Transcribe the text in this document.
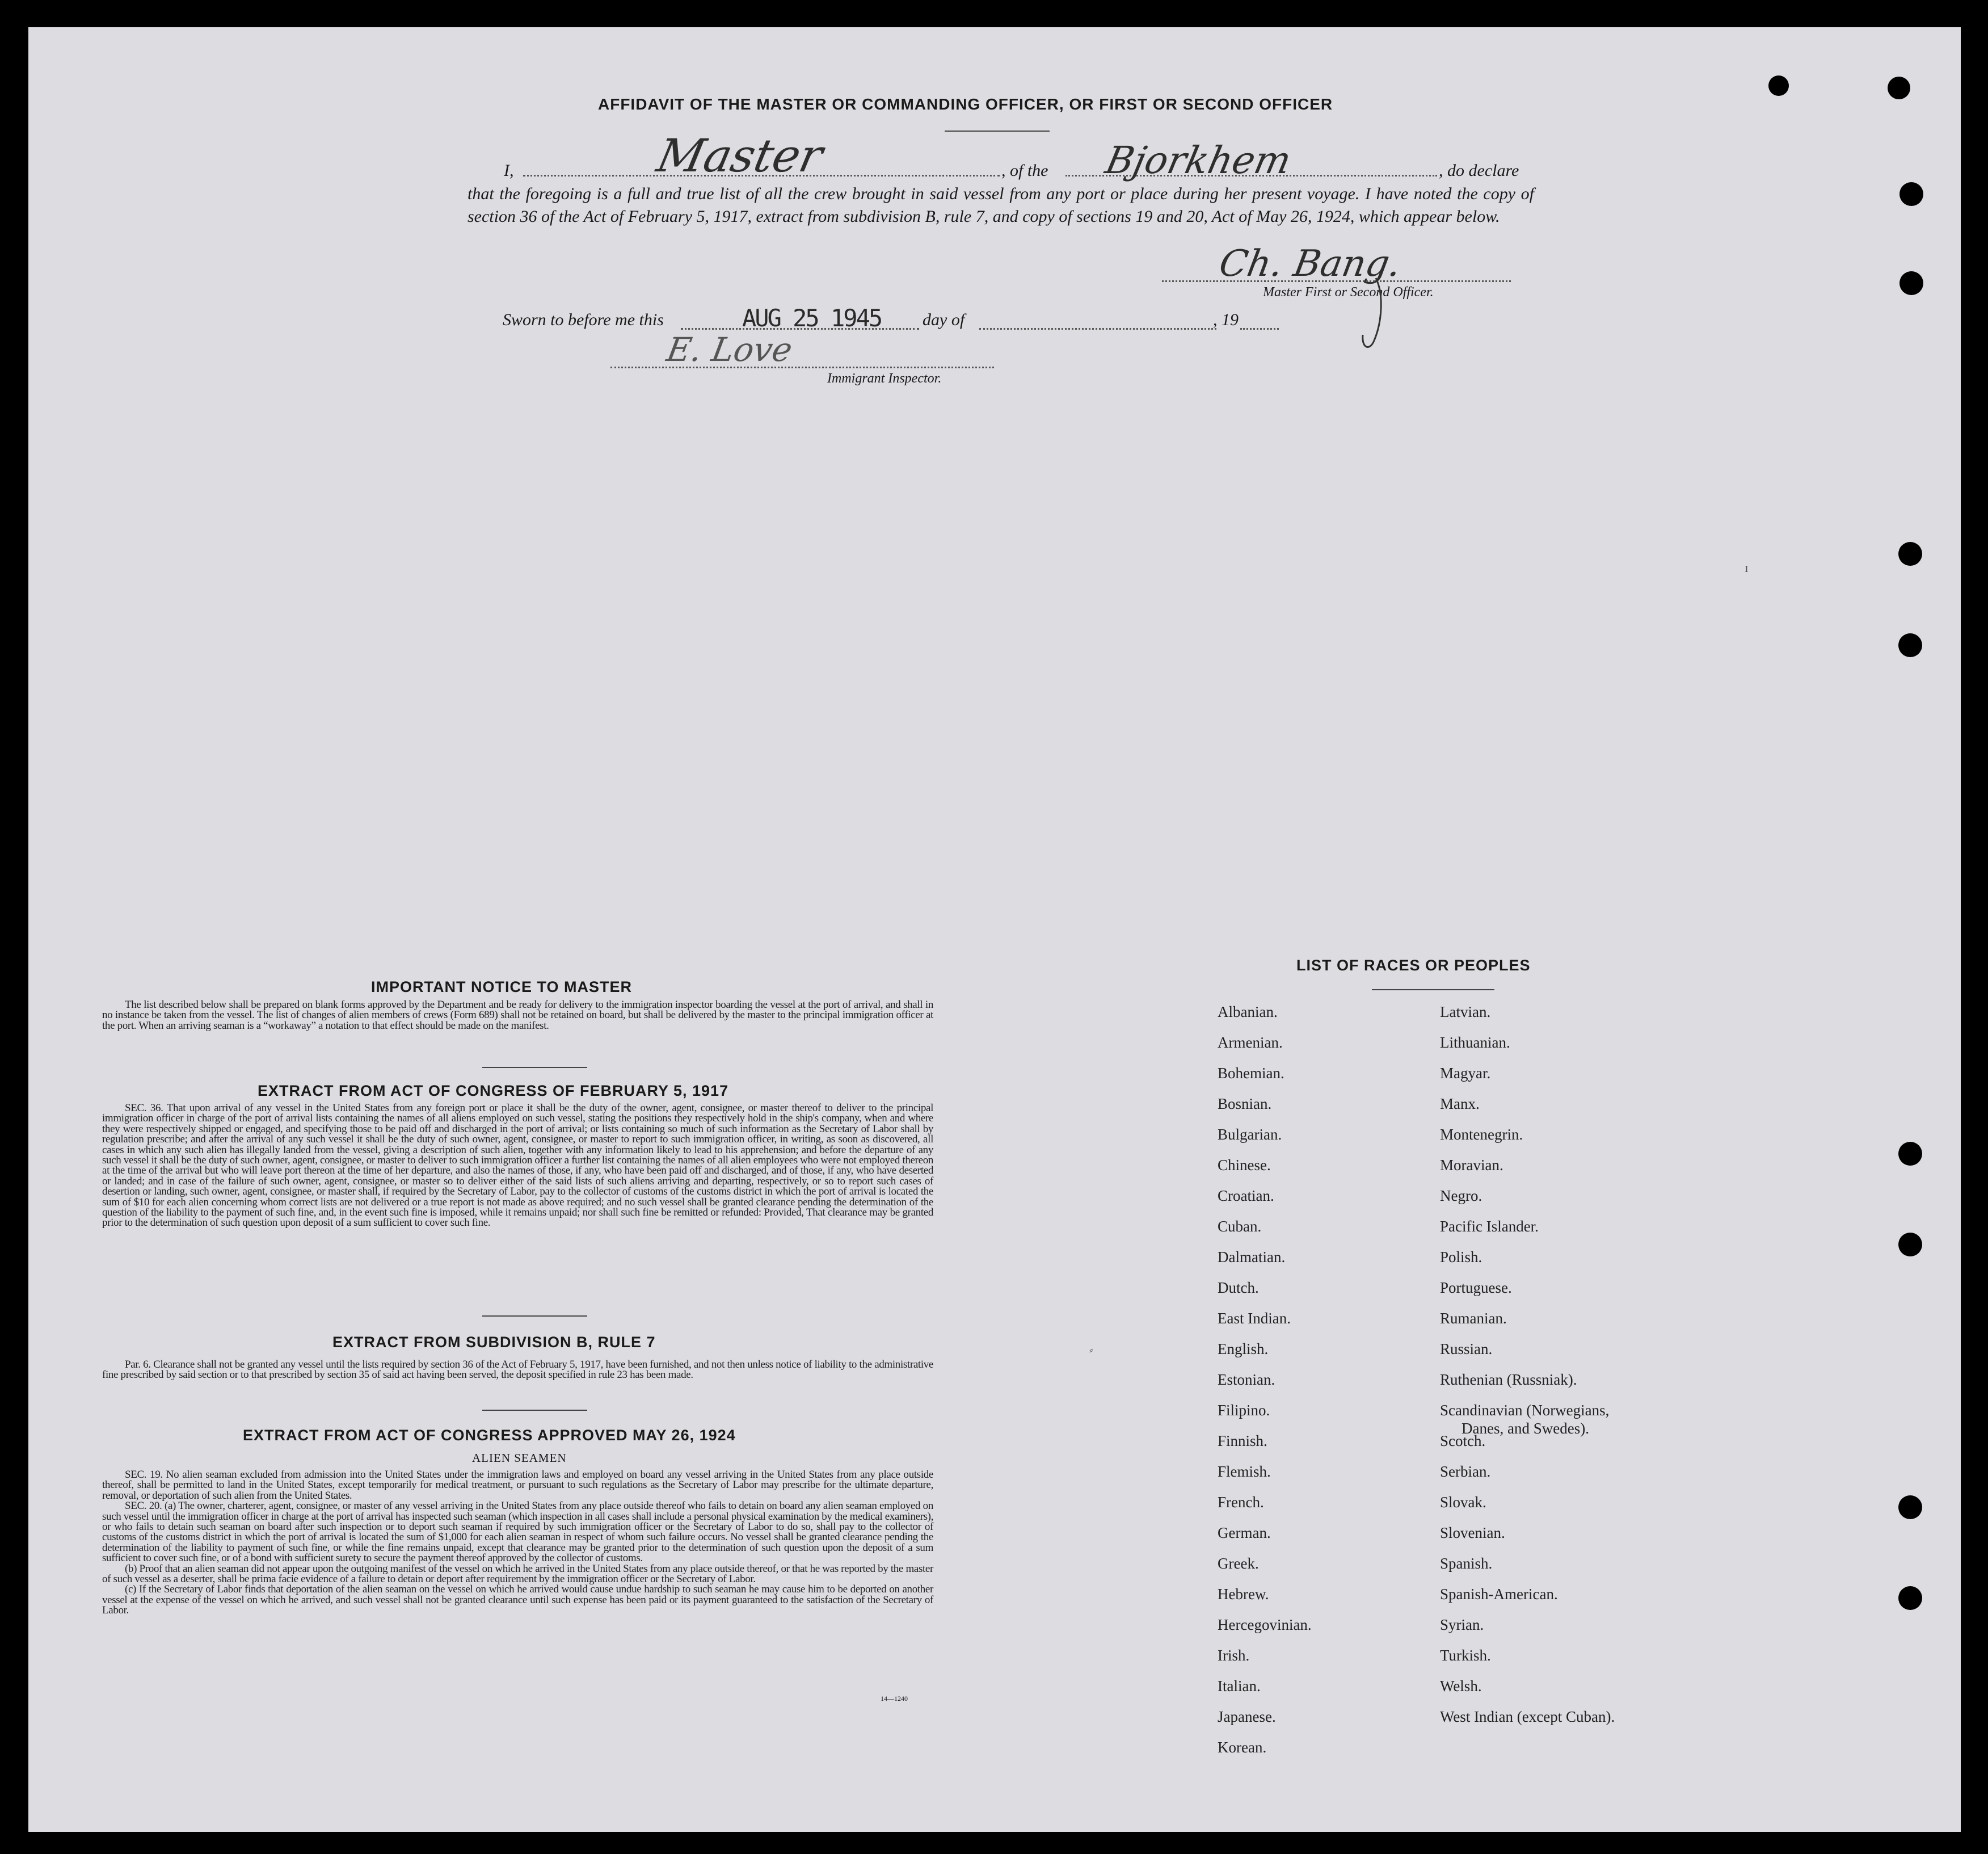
AFFIDAVIT OF THE MASTER OR COMMANDING OFFICER, OR FIRST OR SECOND OFFICER
I,	Master	, of the Bjorkhem	, do declare
that the foregoing is a full and true list of all the crew brought in said vessel from any port or place during her present voyage. I have noted the copy of section 36 of the Act of February 5, 1917, extract from subdivision B, rule 7, and copy of sections 19 and 20, Act of May 26, 1924, which appear below.
Ch. Bang.
Master First or Second Officer.
Sworn to before me this	AUG 25 1945 day of	, 19
E. Love
Immigrant Inspector.
ɪ
IMPORTANT NOTICE TO MASTER

The list described below shall be prepared on blank forms approved by the Department and be ready for delivery to the immigration inspector boarding the vessel at the port of arrival, and shall in no instance be taken from the vessel. The list of changes of alien members of crews (Form 689) shall not be retained on board, but shall be delivered by the master to the principal immigration officer at the port. When an arriving seaman is a “workaway” a notation to that effect should be made on the manifest.

EXTRACT FROM ACT OF CONGRESS OF FEBRUARY 5, 1917

SEC. 36. That upon arrival of any vessel in the United States from any foreign port or place it shall be the duty of the owner, agent, consignee, or master thereof to deliver to the principal immigration officer in charge of the port of arrival lists containing the names of all aliens employed on such vessel, stating the positions they respectively hold in the ship's company, when and where they were respectively shipped or engaged, and specifying those to be paid off and discharged in the port of arrival; or lists containing so much of such information as the Secretary of Labor shall by regulation prescribe; and after the arrival of any such vessel it shall be the duty of such owner, agent, consignee, or master to report to such immigration officer, in writing, as soon as discovered, all cases in which any such alien has illegally landed from the vessel, giving a description of such alien, together with any information likely to lead to his apprehension; and before the departure of any such vessel it shall be the duty of such owner, agent, consignee, or master to deliver to such immigration officer a further list containing the names of all alien employees who were not employed thereon at the time of the arrival but who will leave port thereon at the time of her departure, and also the names of those, if any, who have been paid off and discharged, and of those, if any, who have deserted or landed; and in case of the failure of such owner, agent, consignee, or master so to deliver either of the said lists of such aliens arriving and departing, respectively, or so to report such cases of desertion or landing, such owner, agent, consignee, or master shall, if required by the Secretary of Labor, pay to the collector of customs of the customs district in which the port of arrival is located the sum of $10 for each alien concerning whom correct lists are not delivered or a true report is not made as above required; and no such vessel shall be granted clearance pending the determination of the question of the liability to the payment of such fine, and, in the event such fine is imposed, while it remains unpaid; nor shall such fine be remitted or refunded: Provided, That clearance may be granted prior to the determination of such question upon deposit of a sum sufficient to cover such fine.

EXTRACT FROM SUBDIVISION B, RULE 7

Par. 6. Clearance shall not be granted any vessel until the lists required by section 36 of the Act of February 5, 1917, have been furnished, and not then unless notice of liability to the administrative fine prescribed by said section or to that prescribed by section 35 of said act having been served, the deposit specified in rule 23 has been made.

EXTRACT FROM ACT OF CONGRESS APPROVED MAY 26, 1924
ALIEN SEAMEN

SEC. 19. No alien seaman excluded from admission into the United States under the immigration laws and employed on board any vessel arriving in the United States from any place outside thereof, shall be permitted to land in the United States, except temporarily for medical treatment, or pursuant to such regulations as the Secretary of Labor may prescribe for the ultimate departure, removal, or deportation of such alien from the United States.

SEC. 20. (a) The owner, charterer, agent, consignee, or master of any vessel arriving in the United States from any place outside thereof who fails to detain on board any alien seaman employed on such vessel until the immigration officer in charge at the port of arrival has inspected such seaman (which inspection in all cases shall include a personal physical examination by the medical examiners), or who fails to detain such seaman on board after such inspection or to deport such seaman if required by such immigration officer or the Secretary of Labor to do so, shall pay to the collector of customs of the customs district in which the port of arrival is located the sum of $1,000 for each alien seaman in respect of whom such failure occurs. No vessel shall be granted clearance pending the determination of the liability to payment of such fine, or while the fine remains unpaid, except that clearance may be granted prior to the determination of such question upon the deposit of a sum sufficient to cover such fine, or of a bond with sufficient surety to secure the payment thereof approved by the collector of customs.

(b) Proof that an alien seaman did not appear upon the outgoing manifest of the vessel on which he arrived in the United States from any place outside thereof, or that he was reported by the master of such vessel as a deserter, shall be prima facie evidence of a failure to detain or deport after requirement by the immigration officer or the Secretary of Labor.

(c) If the Secretary of Labor finds that deportation of the alien seaman on the vessel on which he arrived would cause undue hardship to such seaman he may cause him to be deported on another vessel at the expense of the vessel on which he arrived, and such vessel shall not be granted clearance until such expense has been paid or its payment guaranteed to the satisfaction of the Secretary of Labor.

14—1240
⸗
LIST OF RACES OR PEOPLES
Albanian.
Armenian.
Bohemian.
Bosnian.
Bulgarian.
Chinese.
Croatian.
Cuban.
Dalmatian.
Dutch.
East Indian.
English.
Estonian.
Filipino.
Finnish.
Flemish.
French.
German.
Greek.
Hebrew.
Hercegovinian.
Irish.
Italian.
Japanese.
Korean.
Latvian.
Lithuanian.
Magyar.
Manx.
Montenegrin.
Moravian.
Negro.
Pacific Islander.
Polish.
Portuguese.
Rumanian.
Russian.
Ruthenian (Russniak).
Scandinavian (Norwegians,
Danes, and Swedes).
Scotch.
Serbian.
Slovak.
Slovenian.
Spanish.
Spanish-American.
Syrian.
Turkish.
Welsh.
West Indian (except Cuban).
